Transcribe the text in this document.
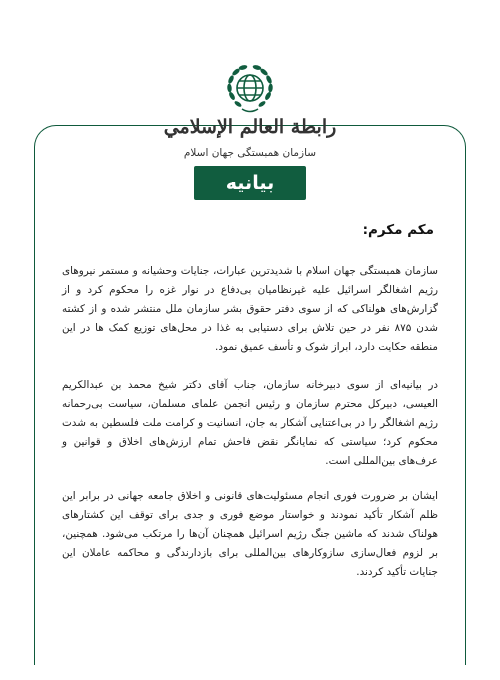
رابطة العالم الإسلامي
سازمان همبستگی جهان اسلام
بیانیه
مکم مکرم:

سازمان همبستگی جهان اسلام با شدیدترین عبارات، جنایات وحشیانه و مستمر نیروهای رژیم اشغالگر اسرائیل علیه غیرنظامیان بی‌دفاع در نوار غزه را محکوم کرد و از گزارش‌های هولناکی که از سوی دفتر حقوق بشر سازمان ملل منتشر شده و از کشته شدن ۸۷۵ نفر در حین تلاش برای دستیابی به غذا در محل‌های توزیع کمک ها در این منطقه حکایت دارد، ابراز شوک و تأسف عمیق نمود.

در بیانیه‌ای از سوی دبیرخانه سازمان، جناب آقای دکتر شیخ محمد بن عبدالکریم العیسی، دبیرکل محترم سازمان و رئیس انجمن علمای مسلمان، سیاست بی‌رحمانه رژیم اشغالگر را در بی‌اعتنایی آشکار به جان، انسانیت و کرامت ملت فلسطین به شدت محکوم کرد؛ سیاستی که نمایانگر نقض فاحش تمام ارزش‌های اخلاق و قوانین و عرف‌های بین‌المللی است.

ایشان بر ضرورت فوری انجام مسئولیت‌های قانونی و اخلاق جامعه جهانی در برابر این ظلم آشکار تأکید نمودند و خواستار موضع فوری و جدی برای توقف این کشتارهای هولناک شدند که ماشین جنگ رژیم اسرائیل همچنان آن‌ها را مرتکب می‌شود. همچنین، بر لزوم فعال‌سازی سازوکارهای بین‌المللی برای بازدارندگی و محاکمه عاملان این جنایات تأکید کردند.
